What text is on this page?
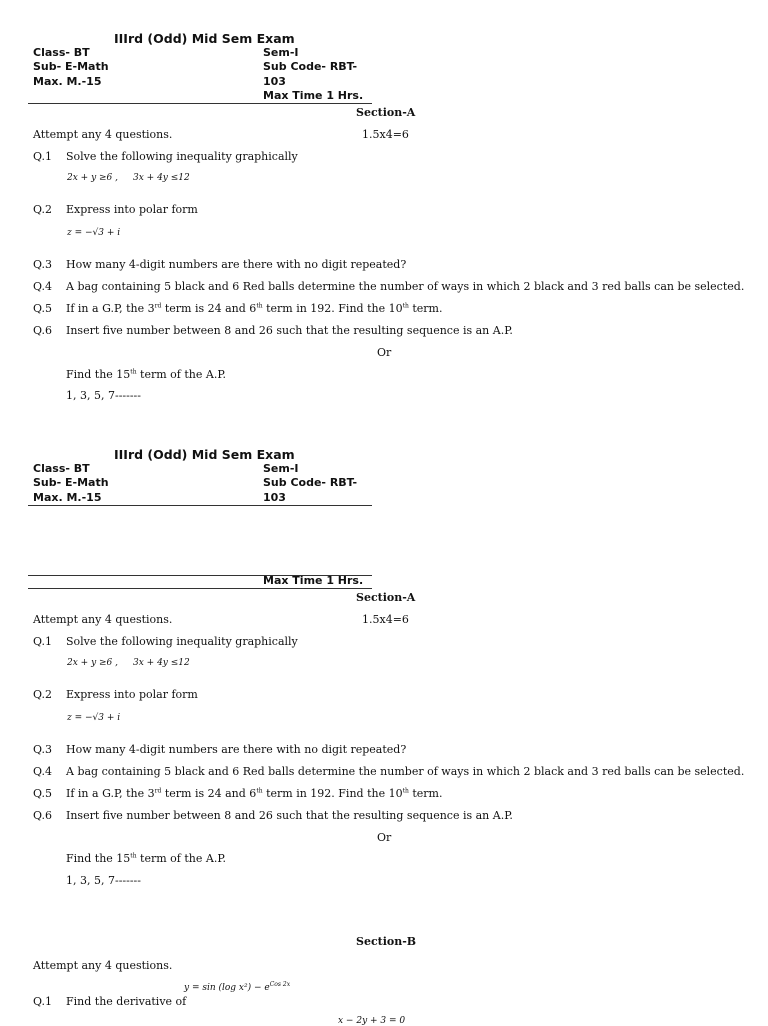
IIIrd (Odd) Mid Sem Exam
Class- BT	Sem-I
Sub- E-Math	Sub Code- RBT-
Max. M.-15	103
Max Time 1 Hrs.
Section-A
Attempt any 4 questions.	1.5x4=6
Q.1 Solve the following inequality graphically
2x + y ≥6 , 3x + 4y ≤12
Q.2 Express into polar form
z = −√3 + i
Q.3 How many 4-digit numbers are there with no digit repeated?
Q.4 A bag containing 5 black and 6 Red balls determine the number of ways in which 2 black and 3 red balls can be selected.
Q.5 If in a G.P, the 3rd term is 24 and 6th term in 192. Find the 10th term.
Q.6 Insert five number between 8 and 26 such that the resulting sequence is an A.P.
Or
Find the 15th term of the A.P.
1, 3, 5, 7-------
IIIrd (Odd) Mid Sem Exam
Class- BT	Sem-I
Sub- E-Math	Sub Code- RBT-
Max. M.-15	103
Max Time 1 Hrs.
Section-A
Attempt any 4 questions.	1.5x4=6
Q.1 Solve the following inequality graphically
2x + y ≥6 , 3x + 4y ≤12
Q.2 Express into polar form
z = −√3 + i
Q.3 How many 4-digit numbers are there with no digit repeated?
Q.4 A bag containing 5 black and 6 Red balls determine the number of ways in which 2 black and 3 red balls can be selected.
Q.5 If in a G.P, the 3rd term is 24 and 6th term in 192. Find the 10th term.
Q.6 Insert five number between 8 and 26 such that the resulting sequence is an A.P.
Or
Find the 15th term of the A.P.
1, 3, 5, 7-------
Section-B
Attempt any 4 questions.
y = sin (log $x^2) - e^{Cos 2x}$
Q.1 Find the derivative of
x − 2y + 3 = 0
